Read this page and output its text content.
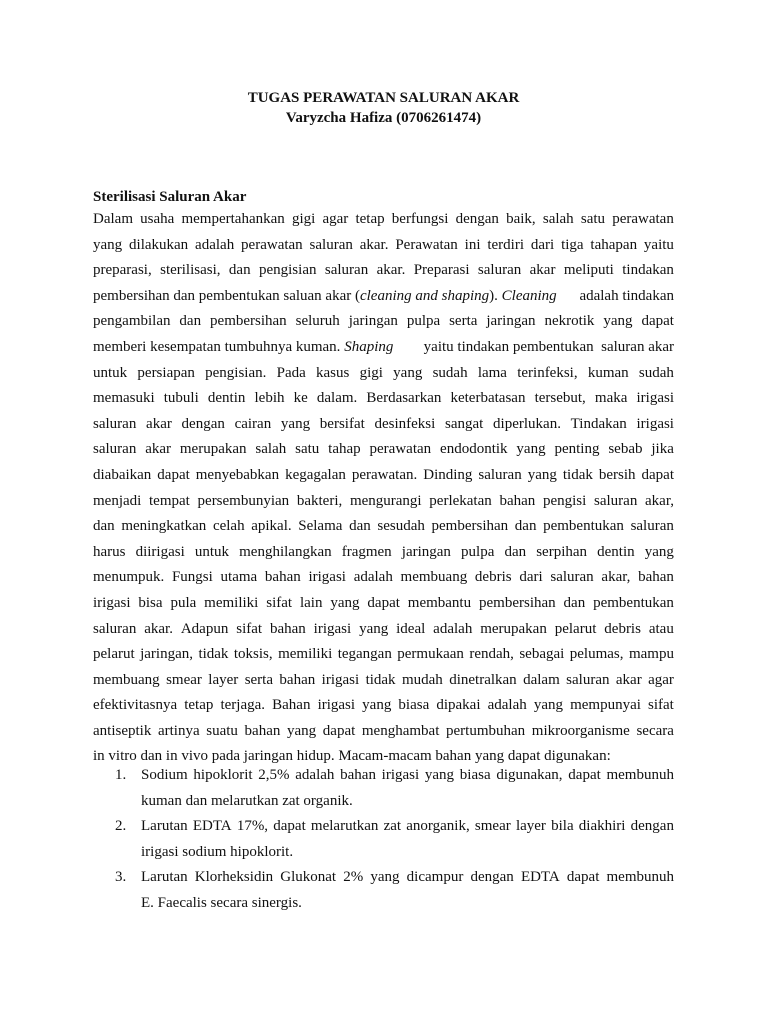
TUGAS PERAWATAN SALURAN AKAR
Varyzcha Hafiza (0706261474)
Sterilisasi Saluran Akar
Dalam usaha mempertahankan gigi agar tetap berfungsi dengan baik, salah satu perawatan
yang dilakukan adalah perawatan saluran akar. Perawatan ini terdiri dari tiga tahapan yaitu
preparasi, sterilisasi, dan pengisian saluran akar. Preparasi saluran akar meliputi tindakan
pembersihan dan pembentukan saluan akar (cleaning and shaping). Cleaning adalah tindakan
pengambilan dan pembersihan seluruh jaringan pulpa serta jaringan nekrotik yang dapat
memberi kesempatan tumbuhnya kuman. Shaping yaitu tindakan pembentukan  saluran akar
untuk persiapan pengisian. Pada kasus gigi yang sudah lama terinfeksi, kuman sudah
memasuki tubuli dentin lebih ke dalam. Berdasarkan keterbatasan tersebut, maka irigasi
saluran akar dengan cairan yang bersifat desinfeksi sangat diperlukan. Tindakan irigasi
saluran akar merupakan salah satu tahap perawatan endodontik yang penting sebab jika
diabaikan dapat menyebabkan kegagalan perawatan. Dinding saluran yang tidak bersih dapat
menjadi tempat persembunyian bakteri, mengurangi perlekatan bahan pengisi saluran akar,
dan meningkatkan celah apikal. Selama dan sesudah pembersihan dan pembentukan saluran
harus diirigasi untuk menghilangkan fragmen jaringan pulpa dan serpihan dentin yang
menumpuk. Fungsi utama bahan irigasi adalah membuang debris dari saluran akar, bahan
irigasi bisa pula memiliki sifat lain yang dapat membantu pembersihan dan pembentukan
saluran akar. Adapun sifat bahan irigasi yang ideal adalah merupakan pelarut debris atau
pelarut jaringan, tidak toksis, memiliki tegangan permukaan rendah, sebagai pelumas, mampu
membuang smear layer serta bahan irigasi tidak mudah dinetralkan dalam saluran akar agar
efektivitasnya tetap terjaga. Bahan irigasi yang biasa dipakai adalah yang mempunyai sifat
antiseptik artinya suatu bahan yang dapat menghambat pertumbuhan mikroorganisme secara
in vitro dan in vivo pada jaringan hidup. Macam-macam bahan yang dapat digunakan:
1. Sodium hipoklorit 2,5% adalah bahan irigasi yang biasa digunakan, dapat membunuh
kuman dan melarutkan zat organik.
2. Larutan EDTA 17%, dapat melarutkan zat anorganik, smear layer bila diakhiri dengan
irigasi sodium hipoklorit.
3. Larutan Klorheksidin Glukonat 2% yang dicampur dengan EDTA dapat membunuh
E. Faecalis secara sinergis.
